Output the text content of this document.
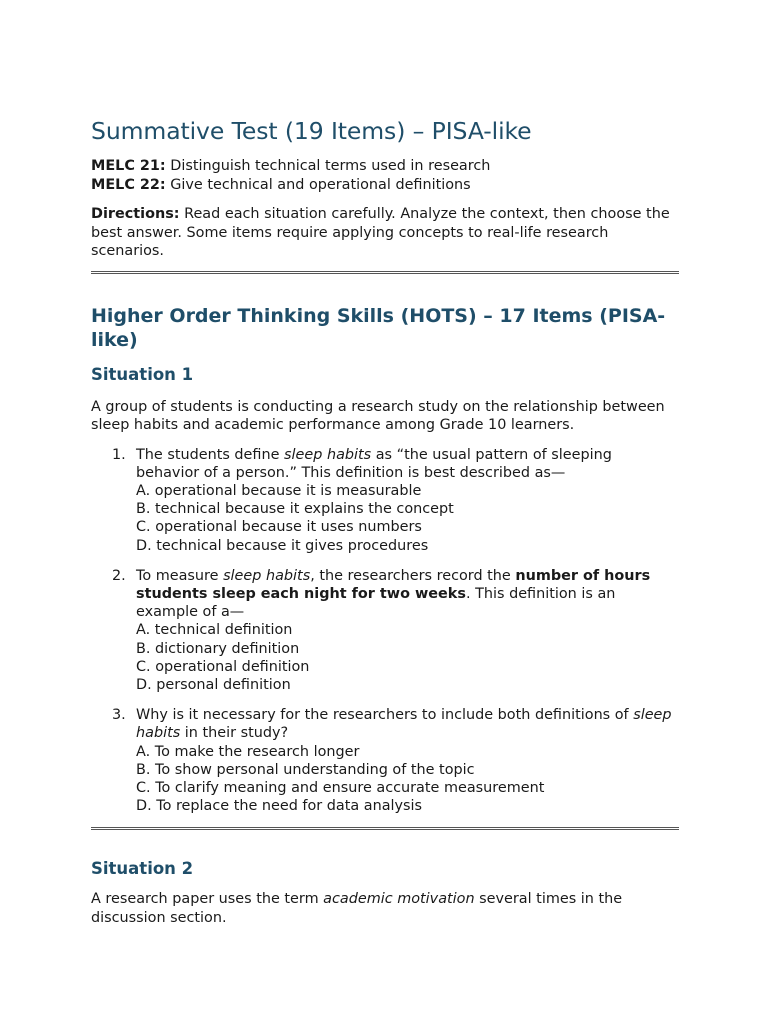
Summative Test (19 Items) – PISA-like
MELC 21: Distinguish technical terms used in research
MELC 22: Give technical and operational definitions
Directions: Read each situation carefully. Analyze the context, then choose the best answer. Some items require applying concepts to real-life research scenarios.
Higher Order Thinking Skills (HOTS) – 17 Items (PISA-like)
Situation 1
A group of students is conducting a research study on the relationship between sleep habits and academic performance among Grade 10 learners.
1. The students define sleep habits as “the usual pattern of sleeping behavior of a person.” This definition is best described as—
A. operational because it is measurable
B. technical because it explains the concept
C. operational because it uses numbers
D. technical because it gives procedures
2. To measure sleep habits, the researchers record the number of hours students sleep each night for two weeks. This definition is an example of a—
A. technical definition
B. dictionary definition
C. operational definition
D. personal definition
3. Why is it necessary for the researchers to include both definitions of sleep habits in their study?
A. To make the research longer
B. To show personal understanding of the topic
C. To clarify meaning and ensure accurate measurement
D. To replace the need for data analysis
Situation 2
A research paper uses the term academic motivation several times in the discussion section.
